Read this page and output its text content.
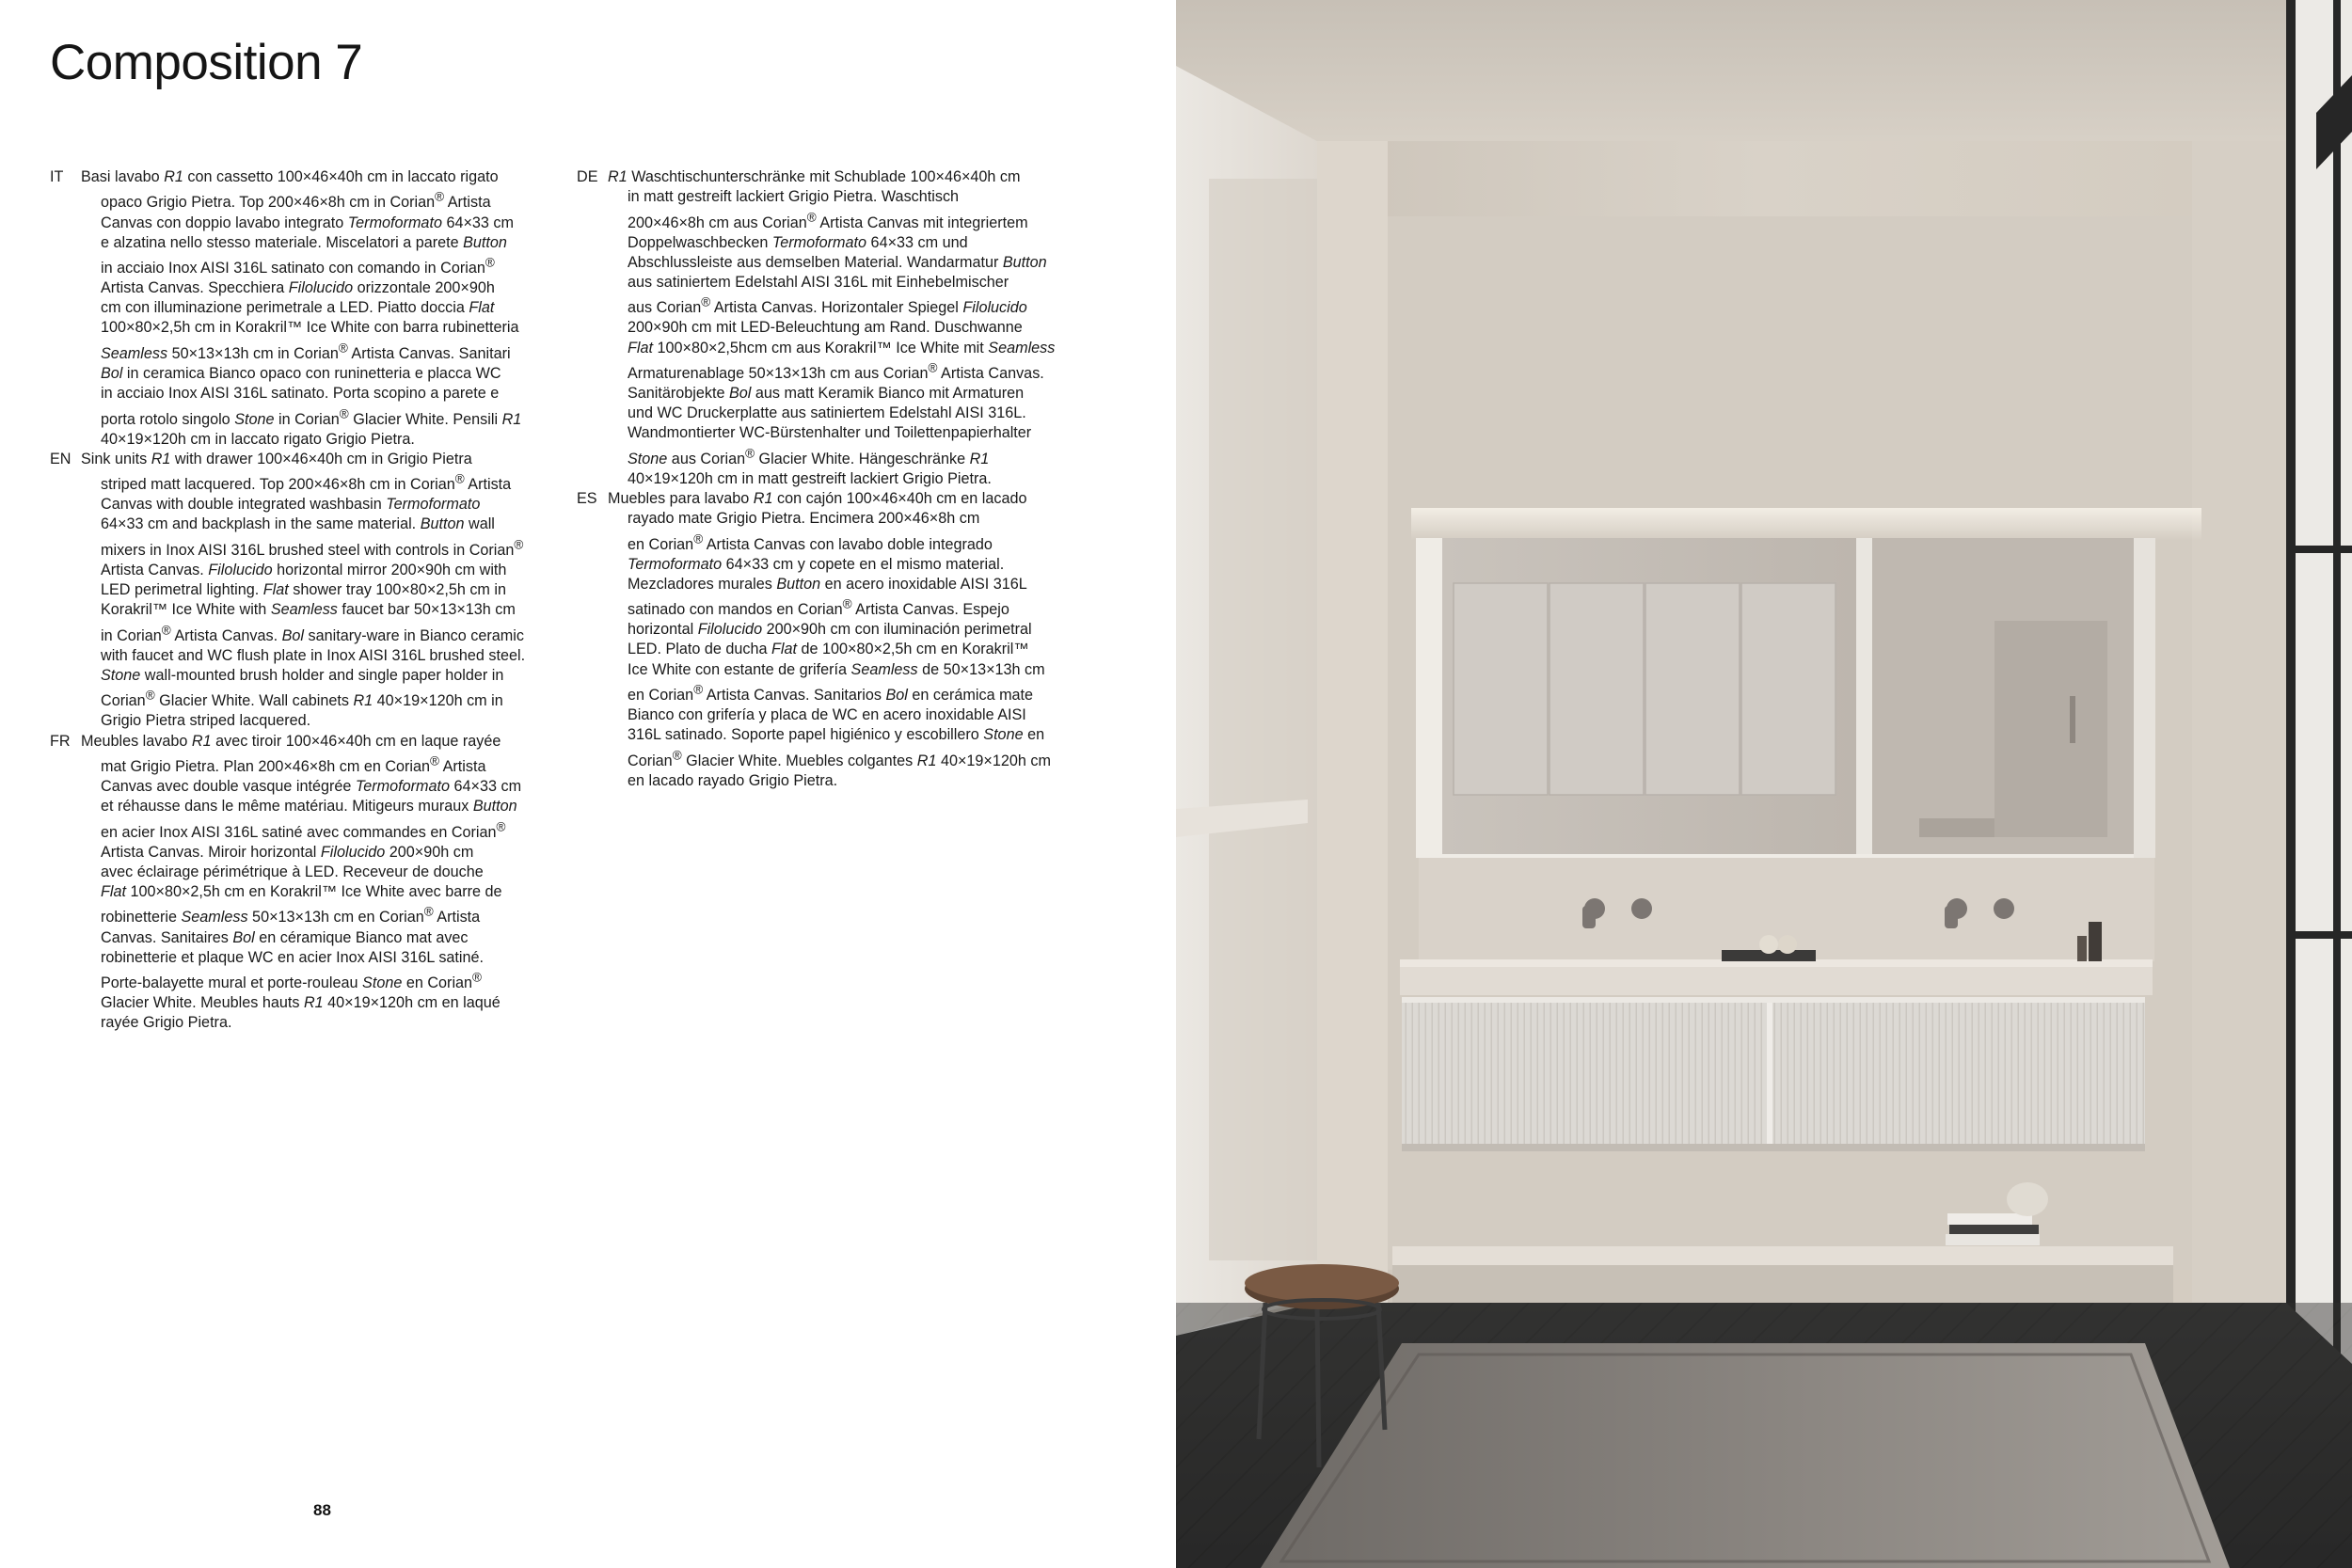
Composition 7

IT Basi lavabo R1 con cassetto 100×46×40h cm in laccato rigato
opaco Grigio Pietra. Top 200×46×8h cm in Corian® Artista
Canvas con doppio lavabo integrato Termoformato 64×33 cm
e alzatina nello stesso materiale. Miscelatori a parete Button
in acciaio Inox AISI 316L satinato con comando in Corian®
Artista Canvas. Specchiera Filolucido orizzontale 200×90h
cm con illuminazione perimetrale a LED. Piatto doccia Flat
100×80×2,5h cm in Korakril™ Ice White con barra rubinetteria
Seamless 50×13×13h cm in Corian® Artista Canvas. Sanitari
Bol in ceramica Bianco opaco con runinetteria e placca WC
in acciaio Inox AISI 316L satinato. Porta scopino a parete e
porta rotolo singolo Stone in Corian® Glacier White. Pensili R1
40×19×120h cm in laccato rigato Grigio Pietra.

EN Sink units R1 with drawer 100×46×40h cm in Grigio Pietra
striped matt lacquered. Top 200×46×8h cm in Corian® Artista
Canvas with double integrated washbasin Termoformato
64×33 cm and backplash in the same material. Button wall
mixers in Inox AISI 316L brushed steel with controls in Corian®
Artista Canvas. Filolucido horizontal mirror 200×90h cm with
LED perimetral lighting. Flat shower tray 100×80×2,5h cm in
Korakril™ Ice White with Seamless faucet bar 50×13×13h cm
in Corian® Artista Canvas. Bol sanitary-ware in Bianco ceramic
with faucet and WC flush plate in Inox AISI 316L brushed steel.
Stone wall-mounted brush holder and single paper holder in
Corian® Glacier White. Wall cabinets R1 40×19×120h cm in
Grigio Pietra striped lacquered.

FR Meubles lavabo R1 avec tiroir 100×46×40h cm en laque rayée
mat Grigio Pietra. Plan 200×46×8h cm en Corian® Artista
Canvas avec double vasque intégrée Termoformato 64×33 cm
et réhausse dans le même matériau. Mitigeurs muraux Button
en acier Inox AISI 316L satiné avec commandes en Corian®
Artista Canvas. Miroir horizontal Filolucido 200×90h cm
avec éclairage périmétrique à LED. Receveur de douche
Flat 100×80×2,5h cm en Korakril™ Ice White avec barre de
robinetterie Seamless 50×13×13h cm en Corian® Artista
Canvas. Sanitaires Bol en céramique Bianco mat avec
robinetterie et plaque WC en acier Inox AISI 316L satiné.
Porte-balayette mural et porte-rouleau Stone en Corian®
Glacier White. Meubles hauts R1 40×19×120h cm en laqué
rayée Grigio Pietra.

DE R1 Waschtischunterschränke mit Schublade 100×46×40h cm
in matt gestreift lackiert Grigio Pietra. Waschtisch
200×46×8h cm aus Corian® Artista Canvas mit integriertem
Doppelwaschbecken Termoformato 64×33 cm und
Abschlussleiste aus demselben Material. Wandarmatur Button
aus satiniertem Edelstahl AISI 316L mit Einhebelmischer
aus Corian® Artista Canvas. Horizontaler Spiegel Filolucido
200×90h cm mit LED-Beleuchtung am Rand. Duschwanne
Flat 100×80×2,5hcm cm aus Korakril™ Ice White mit Seamless
Armaturenablage 50×13×13h cm aus Corian® Artista Canvas.
Sanitärobjekte Bol aus matt Keramik Bianco mit Armaturen
und WC Druckerplatte aus satiniertem Edelstahl AISI 316L.
Wandmontierter WC-Bürstenhalter und Toilettenpapierhalter
Stone aus Corian® Glacier White. Hängeschränke R1
40×19×120h cm in matt gestreift lackiert Grigio Pietra.

ES Muebles para lavabo R1 con cajón 100×46×40h cm en lacado
rayado mate Grigio Pietra. Encimera 200×46×8h cm
en Corian® Artista Canvas con lavabo doble integrado
Termoformato 64×33 cm y copete en el mismo material.
Mezcladores murales Button en acero inoxidable AISI 316L
satinado con mandos en Corian® Artista Canvas. Espejo
horizontal Filolucido 200×90h cm con iluminación perimetral
LED. Plato de ducha Flat de 100×80×2,5h cm en Korakril™
Ice White con estante de grifería Seamless de 50×13×13h cm
en Corian® Artista Canvas. Sanitarios Bol en cerámica mate
Bianco con grifería y placa de WC en acero inoxidable AISI
316L satinado. Soporte papel higiénico y escobillero Stone en
Corian® Glacier White. Muebles colgantes R1 40×19×120h cm
en lacado rayado Grigio Pietra.

88
